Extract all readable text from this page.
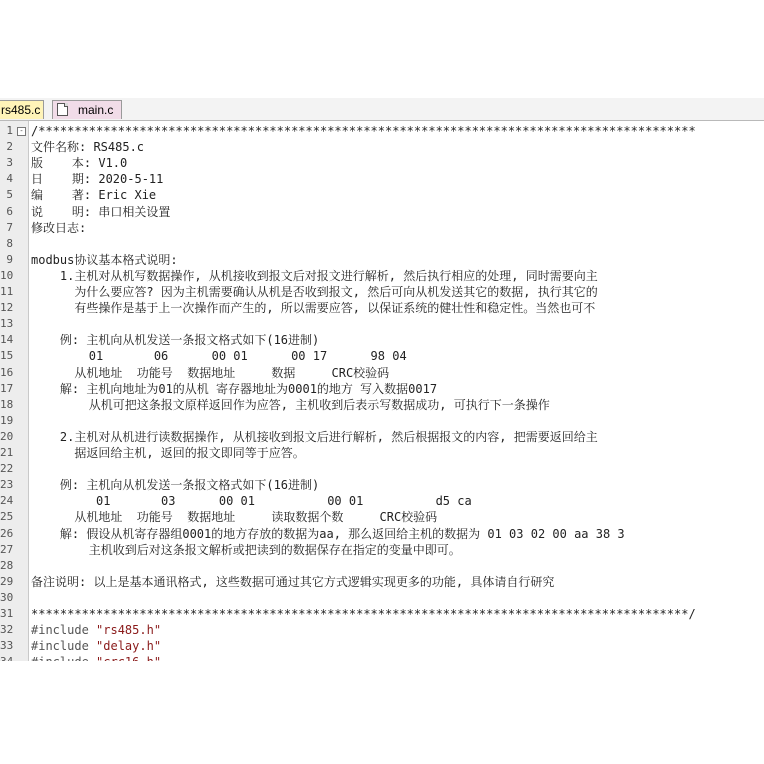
rs485.c	main.c
1 - /*******************************************************************************************
2 文件名称: RS485.c
3 版    本: V1.0
4 日    期: 2020-5-11
5 编    著: Eric Xie
6 说    明: 串口相关设置
7 修改日志:
8
9 modbus协议基本格式说明:
10 1.主机对从机写数据操作, 从机接收到报文后对报文进行解析, 然后执行相应的处理, 同时需要向主
11 为什么要应答? 因为主机需要确认从机是否收到报文, 然后可向从机发送其它的数据, 执行其它的
12 有些操作是基于上一次操作而产生的, 所以需要应答, 以保证系统的健壮性和稳定性。当然也可不
13
14 例: 主机向从机发送一条报文格式如下(16进制)
15 01       06      00 01      00 17      98 04
16 从机地址  功能号  数据地址     数据     CRC校验码
17 解: 主机向地址为01的从机 寄存器地址为0001的地方 写入数据0017
18 从机可把这条报文原样返回作为应答, 主机收到后表示写数据成功, 可执行下一条操作
19
20 2.主机对从机进行读数据操作, 从机接收到报文后进行解析, 然后根据报文的内容, 把需要返回给主
21 据返回给主机, 返回的报文即同等于应答。
22
23 例: 主机向从机发送一条报文格式如下(16进制)
24 01       03      00 01          00 01          d5 ca
25 从机地址  功能号  数据地址     读取数据个数     CRC校验码
26 解: 假设从机寄存器组0001的地方存放的数据为aa, 那么返回给主机的数据为 01 03 02 00 aa 38 3
27 主机收到后对这条报文解析或把读到的数据保存在指定的变量中即可。
28
29 备注说明: 以上是基本通讯格式, 这些数据可通过其它方式逻辑实现更多的功能, 具体请自行研究
30
31 *******************************************************************************************/
32 #include "rs485.h"
33 #include "delay.h"
